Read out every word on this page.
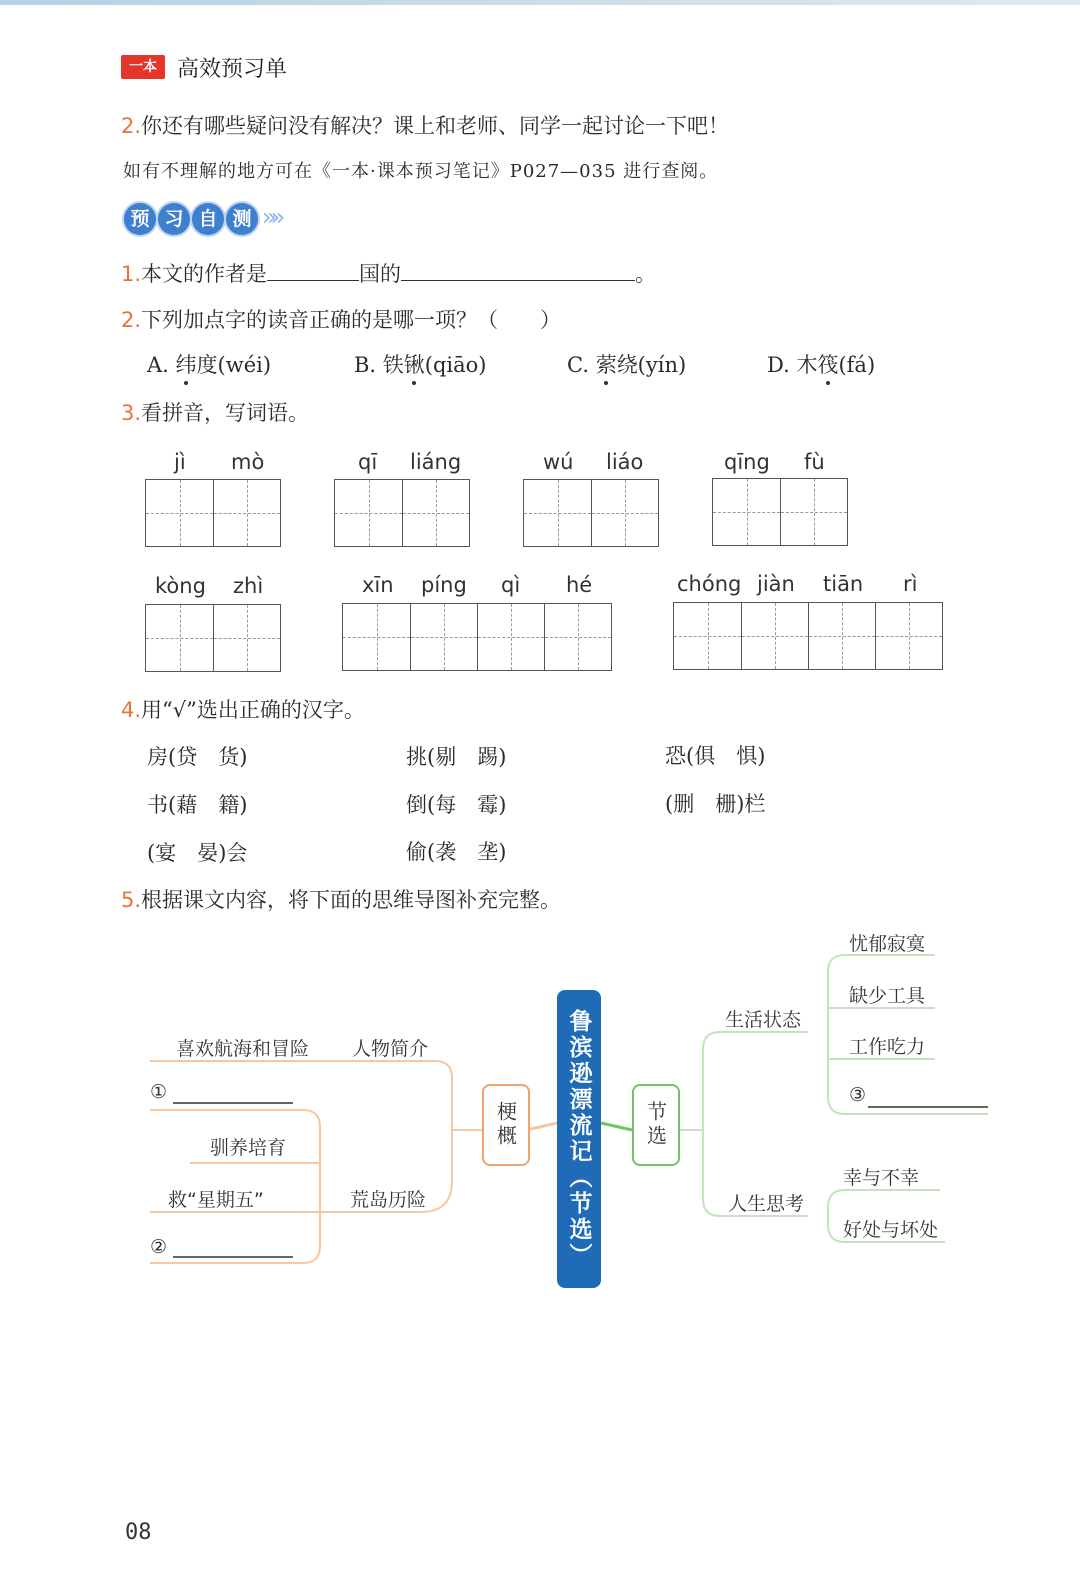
一本 高效预习单
2.你还有哪些疑问没有解决？课上和老师、同学一起讨论一下吧！
如有不理解的地方可在《一本·课本预习笔记》P027—035 进行查阅。
预 习 自 测 »»
1.本文的作者是	国的	。
2.下列加点字的读音正确的是哪一项？（　　）
A. 纬度(wéi)	B. 铁锹(qiāo)	C. 萦绕(yín)	D. 木筏(fá)
3.看拼音，写词语。
jì mò	qī liáng	wú liáo	qīng fù
kòng zhì	xīn píng qì hé	chóng jiàn tiān rì
4.用“√”选出正确的汉字。
房(贷　货)	挑(剔　踢)	恐(俱　惧)
书(藉　籍)	倒(每　霉)	(删　栅)栏
(宴　晏)会	偷(袭　垄)
5.根据课文内容，将下面的思维导图补充完整。
鲁滨逊漂流记（节选）
梗概	节选
喜欢航海和冒险 人物简介
①
驯养培育
救“星期五”	荒岛历险
②
生活状态
忧郁寂寞
缺少工具
工作吃力
③
人生思考
幸与不幸
好处与坏处
08
